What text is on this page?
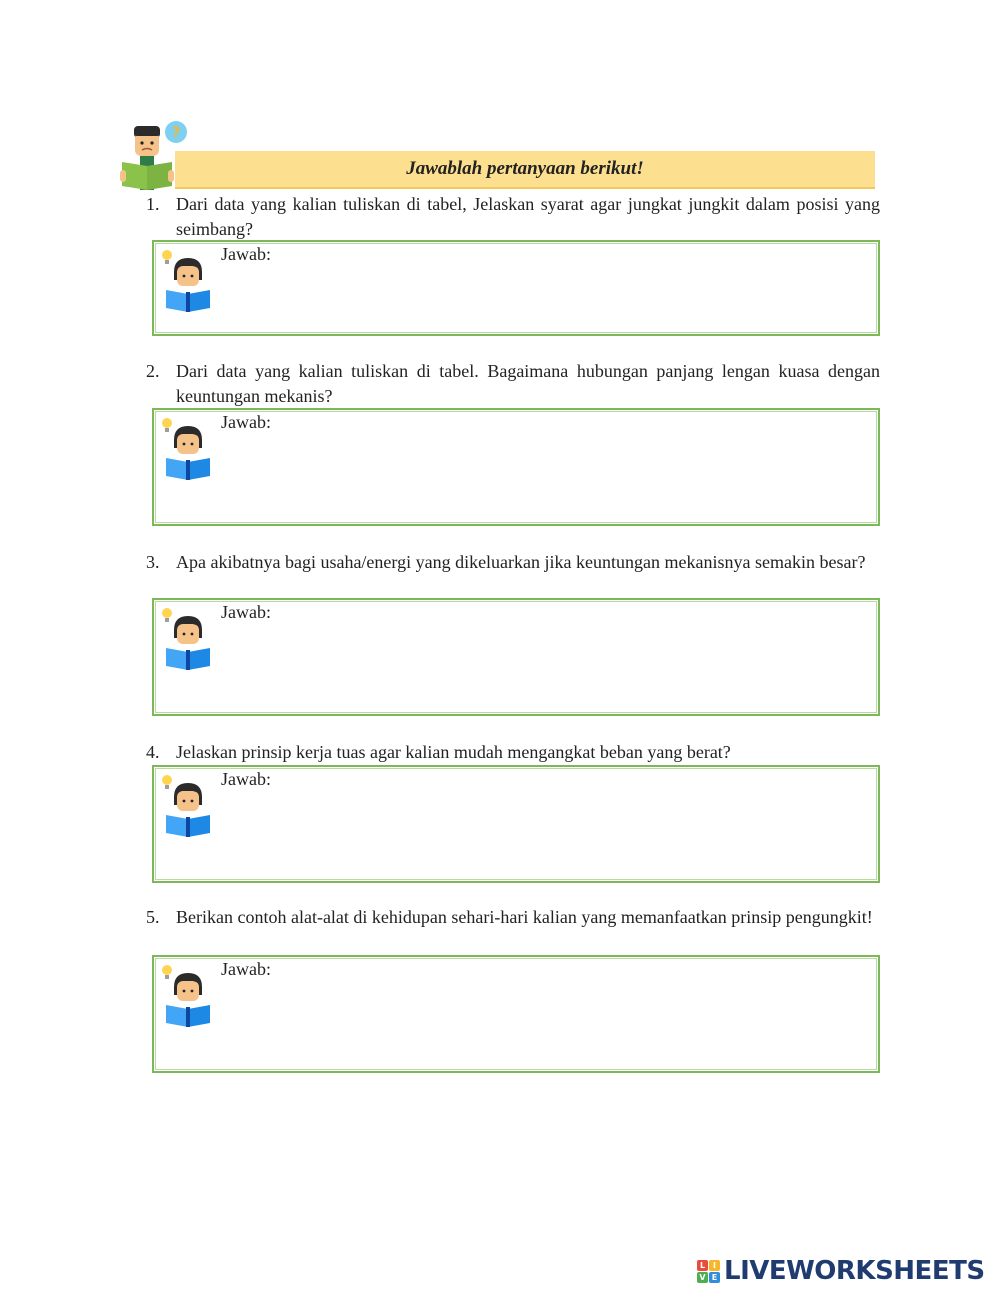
Jawablah pertanyaan berikut!
?
1. Dari data yang kalian tuliskan di tabel, Jelaskan syarat agar jungkat jungkit dalam posisi yang seimbang?
Jawab:
2. Dari data yang kalian tuliskan di tabel. Bagaimana hubungan panjang lengan kuasa dengan keuntungan mekanis?
Jawab:
3. Apa akibatnya bagi usaha/energi yang dikeluarkan jika keuntungan mekanisnya semakin besar?
Jawab:
4. Jelaskan prinsip kerja tuas agar kalian mudah mengangkat beban yang berat?
Jawab:
5. Berikan contoh alat-alat di kehidupan sehari-hari kalian yang memanfaatkan prinsip pengungkit!
Jawab:
L I
V E LIVEWORKSHEETS
